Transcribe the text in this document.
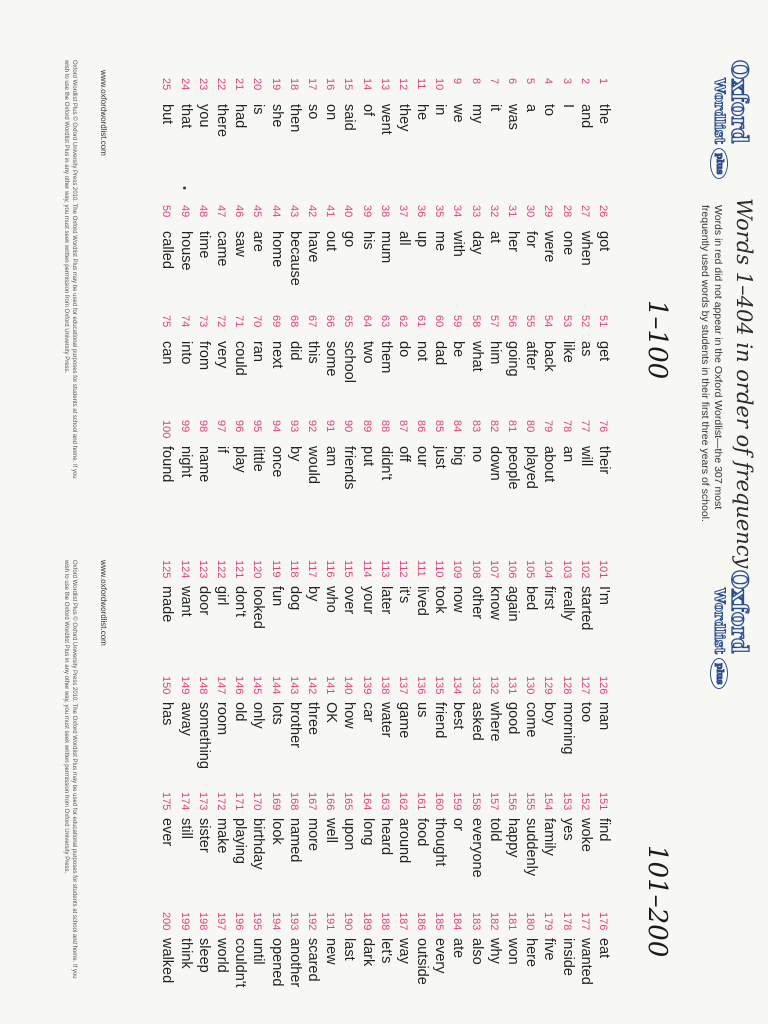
Oxford
Wordlistplus
Words 1–404 in order of frequency
Words in red did not appear in the Oxford Wordlist—the 307 most frequently used words by students in their first three years of school.
1–100
1 the
2 and
3 I
4 to
5 a
6 was
7 it
8 my
9 we
10 in
11 he
12 they
13 went
14 of
15 said
16 on
17 so
18 then
19 she
20 is
21 had
22 there
23 you
24 that
25 but
26 got
27 when
28 one
29 were
30 for
31 her
32 at
33 day
34 with
35 me
36 up
37 all
38 mum
39 his
40 go
41 out
42 have
43 because
44 home
45 are
46 saw
47 came
48 time
49 house
50 called
51 get
52 as
53 like
54 back
55 after
56 going
57 him
58 what
59 be
60 dad
61 not
62 do
63 them
64 two
65 school
66 some
67 this
68 did
69 next
70 ran
71 could
72 very
73 from
74 into
75 can
76 their
77 will
78 an
79 about
80 played
81 people
82 down
83 no
84 big
85 just
86 our
87 off
88 didn't
89 put
90 friends
91 am
92 would
93 by
94 once
95 little
96 play
97 if
98 name
99 night
100 found
www.oxfordwordlist.com
Oxford Wordlist Plus © Oxford University Press 2010. The Oxford Wordlist Plus may be used for educational purposes for students at school and home. If you wish to use the Oxford Wordlist Plus in any other way, you must seek written permission from Oxford University Press.	•
Oxford
Wordlistplus
101–200
101 I'm
102 started
103 really
104 first
105 bed
106 again
107 know
108 other
109 now
110 took
111 lived
112 it's
113 later
114 your
115 over
116 who
117 by
118 dog
119 fun
120 looked
121 don't
122 girl
123 door
124 want
125 made
126 man
127 too
128 morning
129 boy
130 come
131 good
132 where
133 asked
134 best
135 friend
136 us
137 game
138 water
139 car
140 how
141 OK
142 three
143 brother
144 lots
145 only
146 old
147 room
148 something
149 away
150 has
151 find
152 woke
153 yes
154 family
155 suddenly
156 happy
157 told
158 everyone
159 or
160 thought
161 food
162 around
163 heard
164 long
165 upon
166 well
167 more
168 named
169 look
170 birthday
171 playing
172 make
173 sister
174 still
175 ever
176 eat
177 wanted
178 inside
179 five
180 here
181 won
182 why
183 also
184 ate
185 every
186 outside
187 way
188 let's
189 dark
190 last
191 new
192 scared
193 another
194 opened
195 until
196 couldn't
197 world
198 sleep
199 think
200 walked
www.oxfordwordlist.com
Oxford Wordlist Plus © Oxford University Press 2010. The Oxford Wordlist Plus may be used for educational purposes for students at school and home. If you wish to use the Oxford Wordlist Plus in any other way, you must seek written permission from Oxford University Press.
